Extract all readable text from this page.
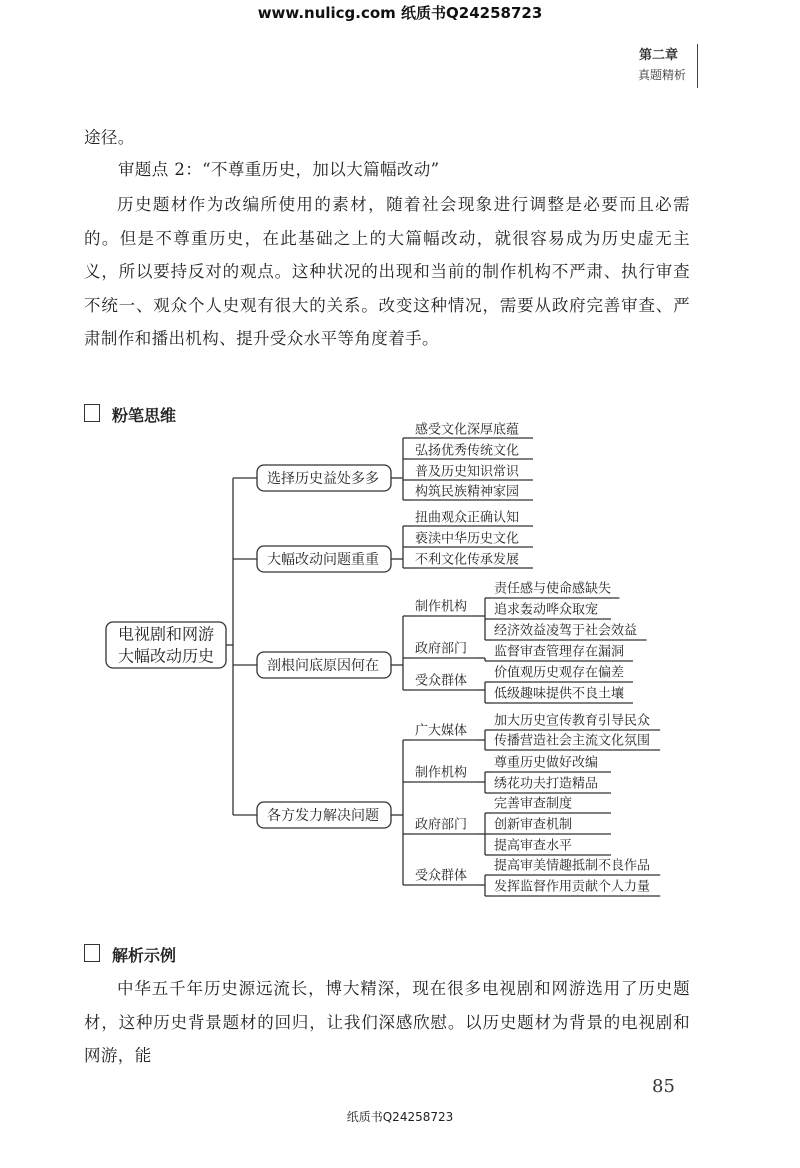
www.nulicg.com 纸质书Q24258723
第二章
真题精析
途径。
审题点 2：“不尊重历史，加以大篇幅改动”

历史题材作为改编所使用的素材，随着社会现象进行调整是必要而且必需的。但是不尊重历史，在此基础之上的大篇幅改动，就很容易成为历史虚无主义，所以要持反对的观点。这种状况的出现和当前的制作机构不严肃、执行审查不统一、观众个人史观有很大的关系。改变这种情况，需要从政府完善审查、严肃制作和播出机构、提升受众水平等角度着手。

粉笔思维
电视剧和网游
大幅改动历史
选择历史益处多多
感受文化深厚底蕴
弘扬优秀传统文化
普及历史知识常识
构筑民族精神家园
大幅改动问题重重
扭曲观众正确认知
亵渎中华历史文化
不利文化传承发展
剖根问底原因何在
制作机构
责任感与使命感缺失
追求轰动哗众取宠
经济效益凌驾于社会效益
政府部门 监督审查管理存在漏洞
受众群体
价值观历史观存在偏差
低级趣味提供不良土壤
各方发力解决问题
广大媒体
加大历史宣传教育引导民众
传播营造社会主流文化氛围
制作机构
尊重历史做好改编
绣花功夫打造精品
政府部门
完善审查制度
创新审查机制
提高审查水平
受众群体
提高审美情趣抵制不良作品
发挥监督作用贡献个人力量
解析示例

中华五千年历史源远流长，博大精深，现在很多电视剧和网游选用了历史题材，这种历史背景题材的回归，让我们深感欣慰。以历史题材为背景的电视剧和网游，能

85
纸质书Q24258723
